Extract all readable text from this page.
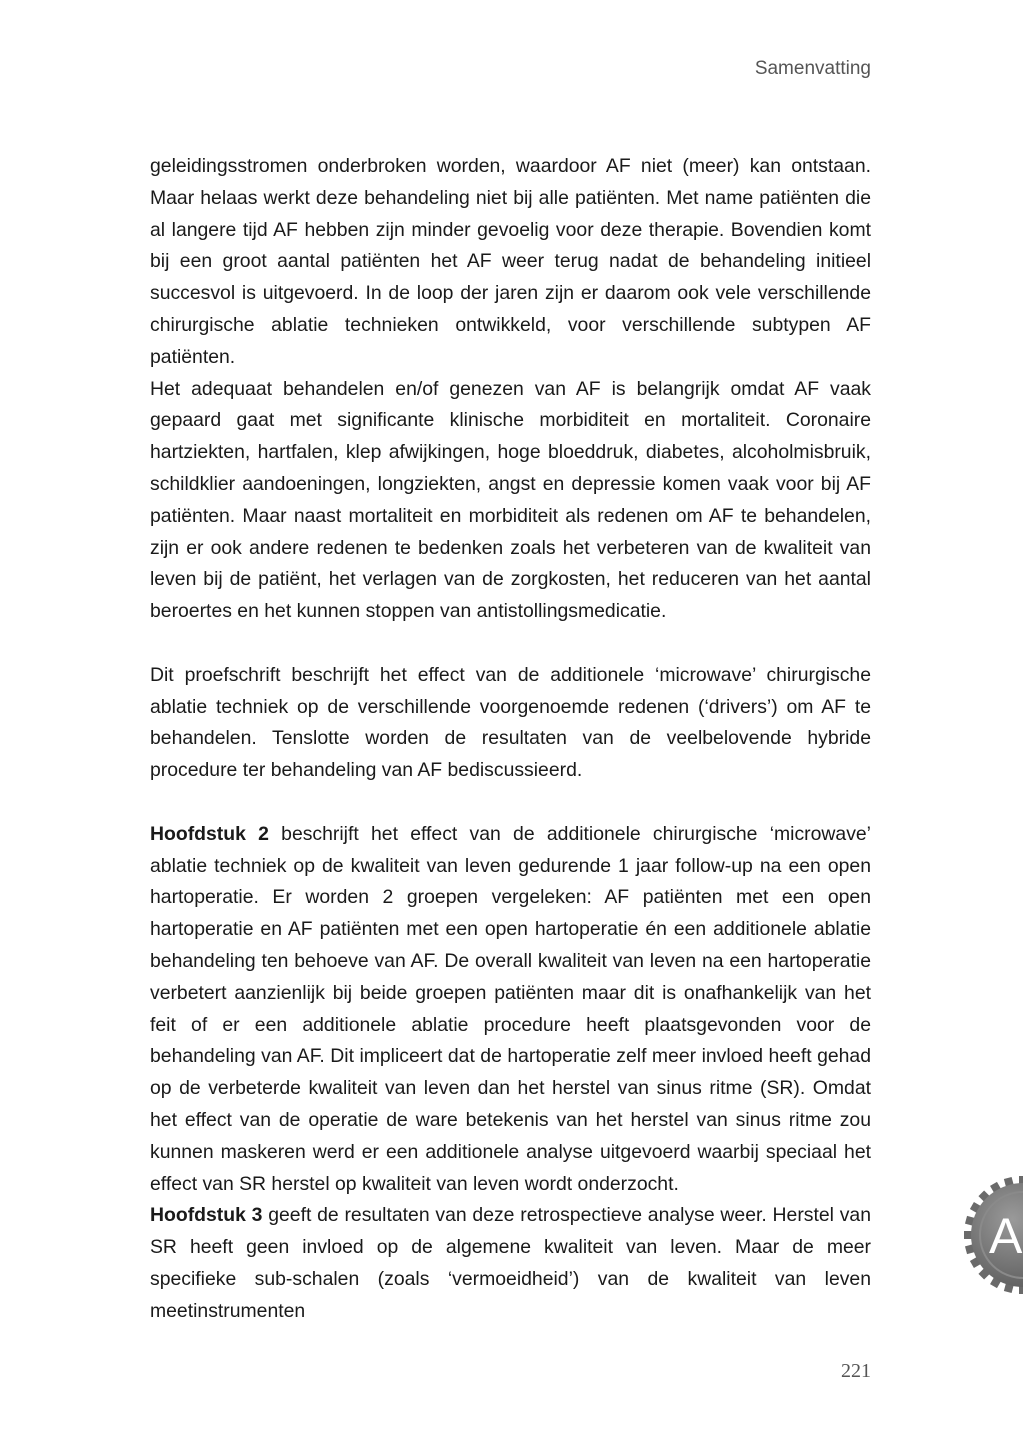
Samenvatting

geleidingsstromen onderbroken worden, waardoor AF niet (meer) kan ontstaan. Maar helaas werkt deze behandeling niet bij alle patiënten. Met name patiënten die al langere tijd AF hebben zijn minder gevoelig voor deze therapie. Bovendien komt bij een groot aantal patiënten het AF weer terug nadat de behandeling initieel succesvol is uitgevoerd. In de loop der jaren zijn er daarom ook vele verschillende chirurgische ablatie technieken ontwikkeld, voor verschillende subtypen AF patiënten.

Het adequaat behandelen en/of genezen van AF is belangrijk omdat AF vaak gepaard gaat met significante klinische morbiditeit en mortaliteit. Coronaire hartziekten, hartfalen, klep afwijkingen, hoge bloeddruk, diabetes, alcoholmisbruik, schildklier aandoeningen, longziekten, angst en depressie komen vaak voor bij AF patiënten. Maar naast mortaliteit en morbiditeit als redenen om AF te behandelen, zijn er ook andere redenen te bedenken zoals het verbeteren van de kwaliteit van leven bij de patiënt, het verlagen van de zorgkosten, het reduceren van het aantal beroertes en het kunnen stoppen van antistollingsmedicatie.

Dit proefschrift beschrijft het effect van de additionele ‘microwave’ chirurgische ablatie techniek op de verschillende voorgenoemde redenen (‘drivers’) om AF te behandelen. Tenslotte worden de resultaten van de veelbelovende hybride procedure ter behandeling van AF bediscussieerd.

Hoofdstuk 2 beschrijft het effect van de additionele chirurgische ‘microwave’ ablatie techniek op de kwaliteit van leven gedurende 1 jaar follow-up na een open hartoperatie. Er worden 2 groepen vergeleken: AF patiënten met een open hartoperatie en AF patiënten met een open hartoperatie én een additionele ablatie behandeling ten behoeve van AF. De overall kwaliteit van leven na een hartoperatie verbetert aanzienlijk bij beide groepen patiënten maar dit is onafhankelijk van het feit of er een additionele ablatie procedure heeft plaatsgevonden voor de behandeling van AF. Dit impliceert dat de hartoperatie zelf meer invloed heeft gehad op de verbeterde kwaliteit van leven dan het herstel van sinus ritme (SR). Omdat het effect van de operatie de ware betekenis van het herstel van sinus ritme zou kunnen maskeren werd er een additionele analyse uitgevoerd waarbij speciaal het effect van SR herstel op kwaliteit van leven wordt onderzocht.

Hoofdstuk 3 geeft de resultaten van deze retrospectieve analyse weer. Herstel van SR heeft geen invloed op de algemene kwaliteit van leven. Maar de meer specifieke sub-schalen (zoals ‘vermoeidheid’) van de kwaliteit van leven meetinstrumenten

A
221
